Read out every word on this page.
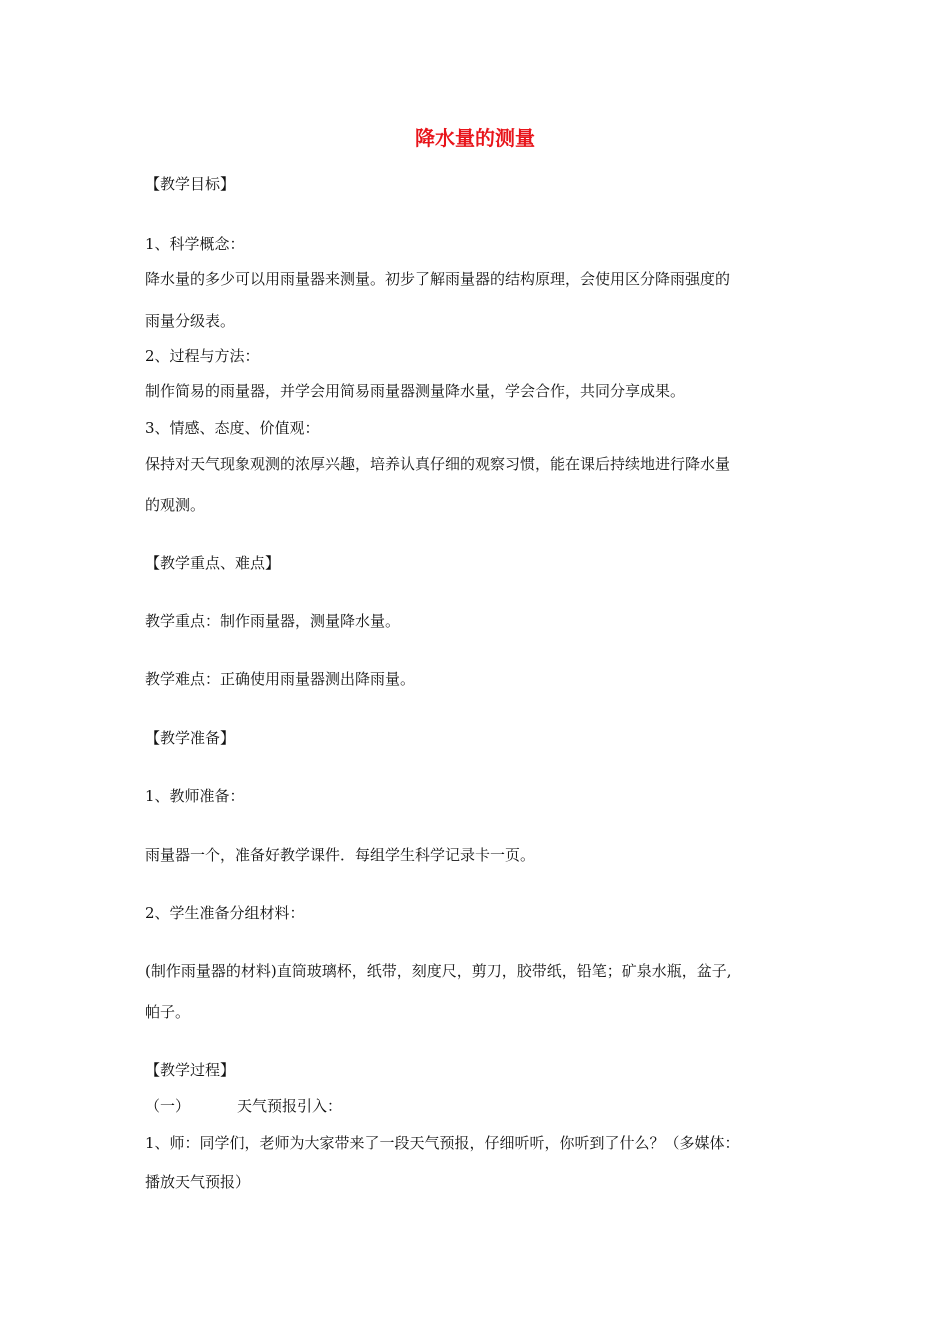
降水量的测量
【教学目标】
1、科学概念：
降水量的多少可以用雨量器来测量。初步了解雨量器的结构原理，会使用区分降雨强度的
雨量分级表。
2、过程与方法：
制作简易的雨量器，并学会用简易雨量器测量降水量，学会合作，共同分享成果。
3、情感、态度、价值观：
保持对天气现象观测的浓厚兴趣，培养认真仔细的观察习惯，能在课后持续地进行降水量
的观测。
【教学重点、难点】
教学重点：制作雨量器，测量降水量。
教学难点：正确使用雨量器测出降雨量。
【教学准备】
1、教师准备：
雨量器一个，准备好教学课件．每组学生科学记录卡一页。
2、学生准备分组材料：
(制作雨量器的材料)直筒玻璃杯，纸带，刻度尺，剪刀，胶带纸，铅笔；矿泉水瓶，盆子,
帕子。
【教学过程】
（一）	天气预报引入：
1、师：同学们，老师为大家带来了一段天气预报，仔细听听，你听到了什么？（多媒体：
播放天气预报）
